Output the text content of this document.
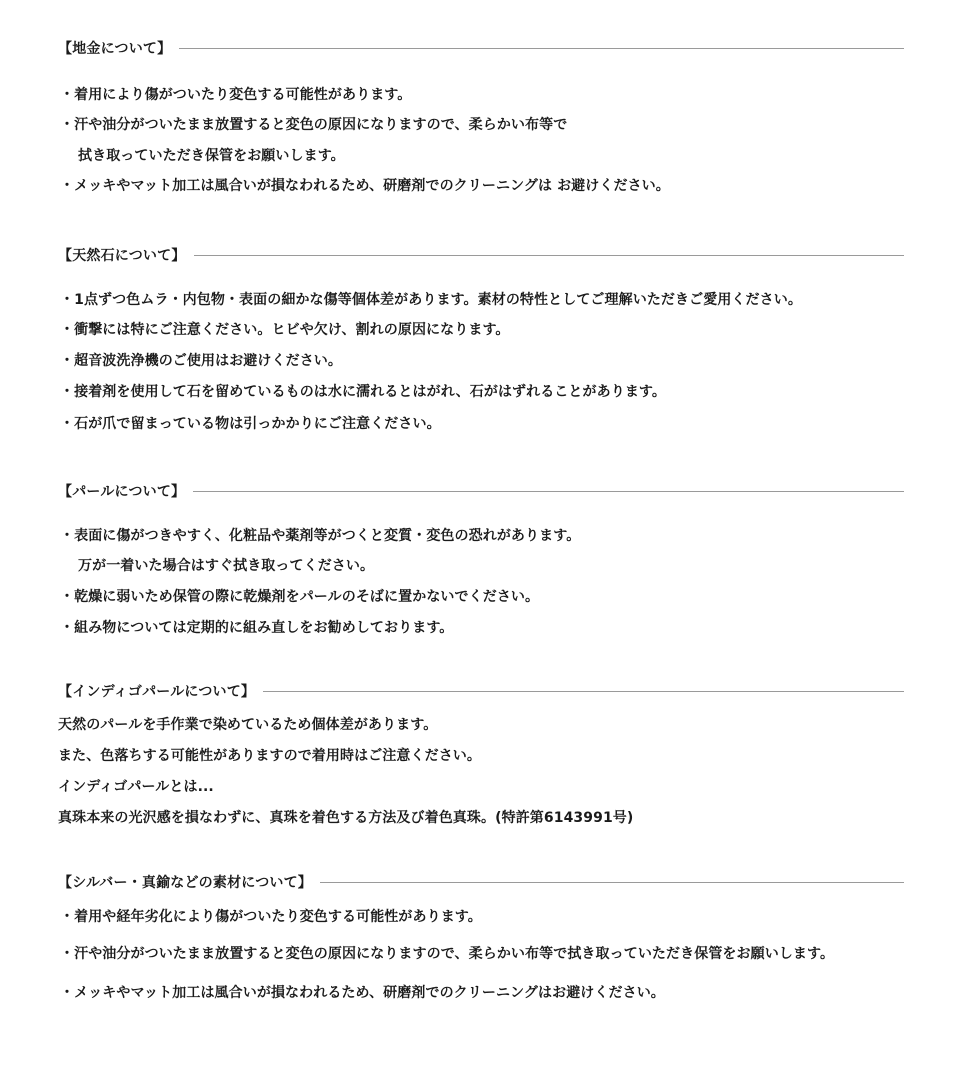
【地金について】
・着用により傷がついたり変色する可能性があります。
・汗や油分がついたまま放置すると変色の原因になりますので、柔らかい布等で
拭き取っていただき保管をお願いします。
・メッキやマット加工は風合いが損なわれるため、研磨剤でのクリーニングは お避けください。
【天然石について】
・1点ずつ色ムラ・内包物・表面の細かな傷等個体差があります。素材の特性としてご理解いただきご愛用ください。
・衝撃には特にご注意ください。ヒビや欠け、割れの原因になります。
・超音波洗浄機のご使用はお避けください。
・接着剤を使用して石を留めているものは水に濡れるとはがれ、石がはずれることがあります。
・石が爪で留まっている物は引っかかりにご注意ください。
【パールについて】
・表面に傷がつきやすく、化粧品や薬剤等がつくと変質・変色の恐れがあります。
万が一着いた場合はすぐ拭き取ってください。
・乾燥に弱いため保管の際に乾燥剤をパールのそばに置かないでください。
・組み物については定期的に組み直しをお勧めしております。
【インディゴパールについて】
天然のパールを手作業で染めているため個体差があります。
また、色落ちする可能性がありますので着用時はご注意ください。
インディゴパールとは...
真珠本来の光沢感を損なわずに、真珠を着色する方法及び着色真珠。(特許第6143991号)
【シルバー・真鍮などの素材について】
・着用や経年劣化により傷がついたり変色する可能性があります。
・汗や油分がついたまま放置すると変色の原因になりますので、柔らかい布等で拭き取っていただき保管をお願いします。
・メッキやマット加工は風合いが損なわれるため、研磨剤でのクリーニングはお避けください。
